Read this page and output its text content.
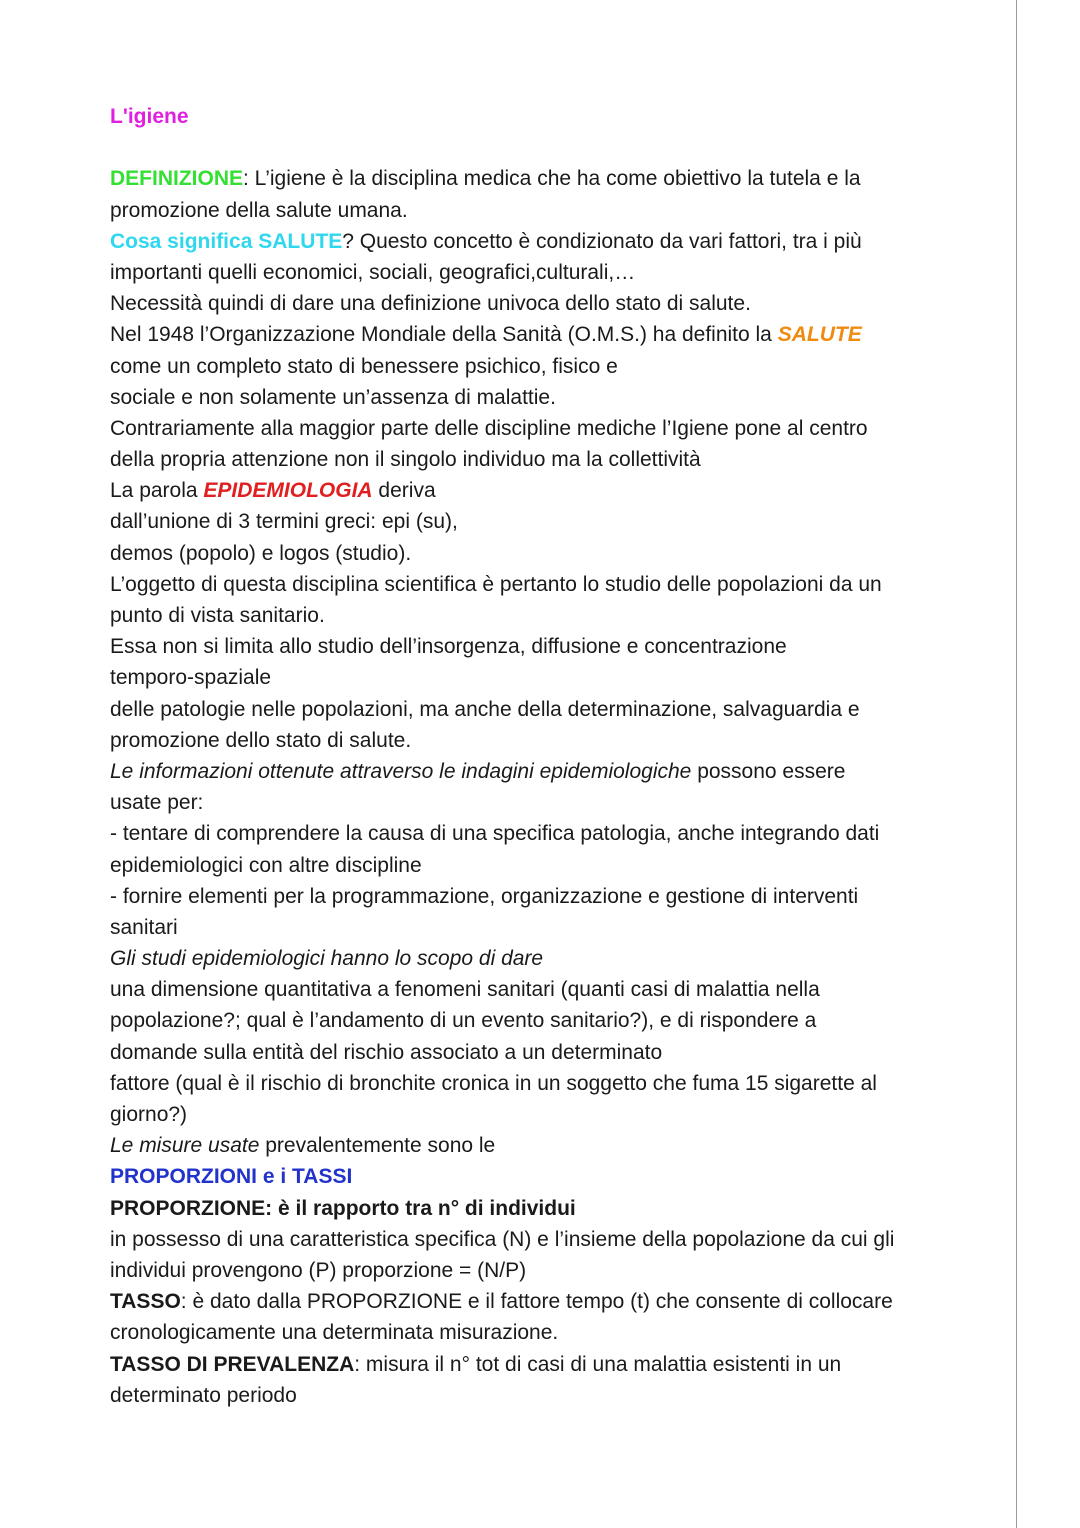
L'igiene
DEFINIZIONE: L’igiene è la disciplina medica che ha come obiettivo la tutela e la
promozione della salute umana.
Cosa significa SALUTE? Questo concetto è condizionato da vari fattori, tra i più
importanti quelli economici, sociali, geografici,culturali,…
Necessità quindi di dare una definizione univoca dello stato di salute.
Nel 1948 l’Organizzazione Mondiale della Sanità (O.M.S.) ha definito la SALUTE
come un completo stato di benessere psichico, fisico e
sociale e non solamente un’assenza di malattie.
Contrariamente alla maggior parte delle discipline mediche l’Igiene pone al centro
della propria attenzione non il singolo individuo ma la collettività
La parola EPIDEMIOLOGIA deriva
dall’unione di 3 termini greci: epi (su),
demos (popolo) e logos (studio).
L’oggetto di questa disciplina scientifica è pertanto lo studio delle popolazioni da un
punto di vista sanitario.
Essa non si limita allo studio dell’insorgenza, diffusione e concentrazione
temporo-spaziale
delle patologie nelle popolazioni, ma anche della determinazione, salvaguardia e
promozione dello stato di salute.
Le informazioni ottenute attraverso le indagini epidemiologiche possono essere
usate per:
- tentare di comprendere la causa di una specifica patologia, anche integrando dati
epidemiologici con altre discipline
- fornire elementi per la programmazione, organizzazione e gestione di interventi
sanitari
Gli studi epidemiologici hanno lo scopo di dare
una dimensione quantitativa a fenomeni sanitari (quanti casi di malattia nella
popolazione?; qual è l’andamento di un evento sanitario?), e di rispondere a
domande sulla entità del rischio associato a un determinato
fattore (qual è il rischio di bronchite cronica in un soggetto che fuma 15 sigarette al
giorno?)
Le misure usate prevalentemente sono le
PROPORZIONI e i TASSI
PROPORZIONE: è il rapporto tra n° di individui
in possesso di una caratteristica specifica (N) e l’insieme della popolazione da cui gli
individui provengono (P) proporzione = (N/P)
TASSO: è dato dalla PROPORZIONE e il fattore tempo (t) che consente di collocare
cronologicamente una determinata misurazione.
TASSO DI PREVALENZA: misura il n° tot di casi di una malattia esistenti in un
determinato periodo
